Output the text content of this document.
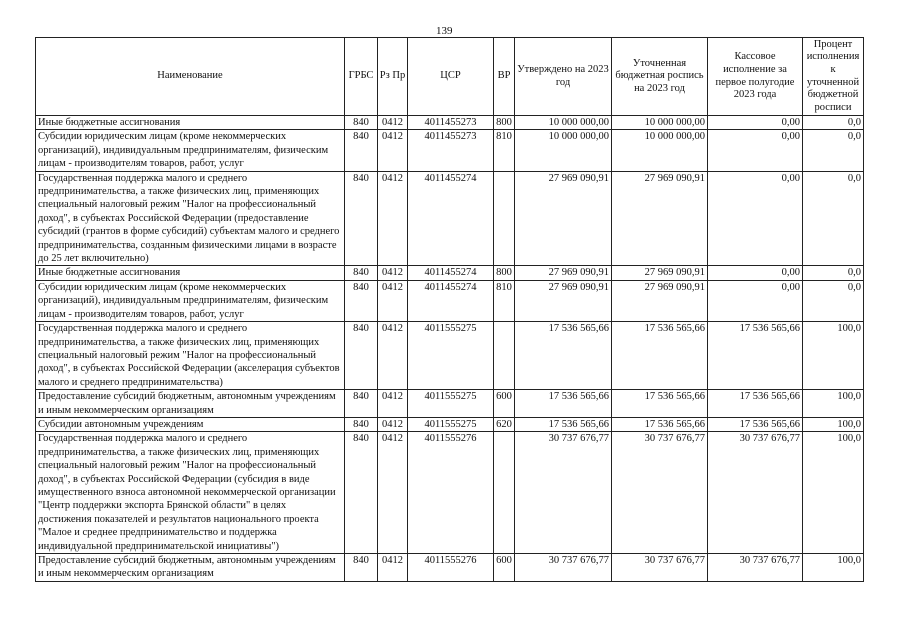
139
Наименование	ГРБС	Рз Пр	ЦСР	ВР	Утверждено на 2023 год	Уточненная бюджетная роспись на 2023 год	Кассовое исполнение за первое полугодие 2023 года	Процент исполнения к уточненной бюджетной росписи
Иные бюджетные ассигнования	840	0412	4011455273	800	10 000 000,00	10 000 000,00	0,00	0,0
Субсидии юридическим лицам (кроме некоммерческих организаций), индивидуальным предпринимателям, физическим лицам - производителям товаров, работ, услуг	840	0412	4011455273	810	10 000 000,00	10 000 000,00	0,00	0,0
Государственная поддержка малого и среднего предпринимательства, а также физических лиц, применяющих специальный налоговый режим "Налог на профессиональный доход", в субъектах Российской Федерации (предоставление субсидий (грантов в форме субсидий) субъектам малого и среднего предпринимательства, созданным физическими лицами в возрасте до 25 лет включительно)	840	0412	4011455274		27 969 090,91	27 969 090,91	0,00	0,0
Иные бюджетные ассигнования	840	0412	4011455274	800	27 969 090,91	27 969 090,91	0,00	0,0
Субсидии юридическим лицам (кроме некоммерческих организаций), индивидуальным предпринимателям, физическим лицам - производителям товаров, работ, услуг	840	0412	4011455274	810	27 969 090,91	27 969 090,91	0,00	0,0
Государственная поддержка малого и среднего предпринимательства, а также физических лиц, применяющих специальный налоговый режим "Налог на профессиональный доход", в субъектах Российской Федерации (акселерация субъектов малого и среднего предпринимательства)	840	0412	4011555275		17 536 565,66	17 536 565,66	17 536 565,66	100,0
Предоставление субсидий бюджетным, автономным учреждениям и иным некоммерческим организациям	840	0412	4011555275	600	17 536 565,66	17 536 565,66	17 536 565,66	100,0
Субсидии автономным учреждениям	840	0412	4011555275	620	17 536 565,66	17 536 565,66	17 536 565,66	100,0
Государственная поддержка малого и среднего предпринимательства, а также физических лиц, применяющих специальный налоговый режим "Налог на профессиональный доход", в субъектах Российской Федерации (субсидия в виде имущественного взноса автономной некоммерческой организации "Центр поддержки экспорта Брянской области" в целях достижения показателей и результатов национального проекта "Малое и среднее предпринимательство и поддержка индивидуальной предпринимательской инициативы")	840	0412	4011555276		30 737 676,77	30 737 676,77	30 737 676,77	100,0
Предоставление субсидий бюджетным, автономным учреждениям и иным некоммерческим организациям	840	0412	4011555276	600	30 737 676,77	30 737 676,77	30 737 676,77	100,0
